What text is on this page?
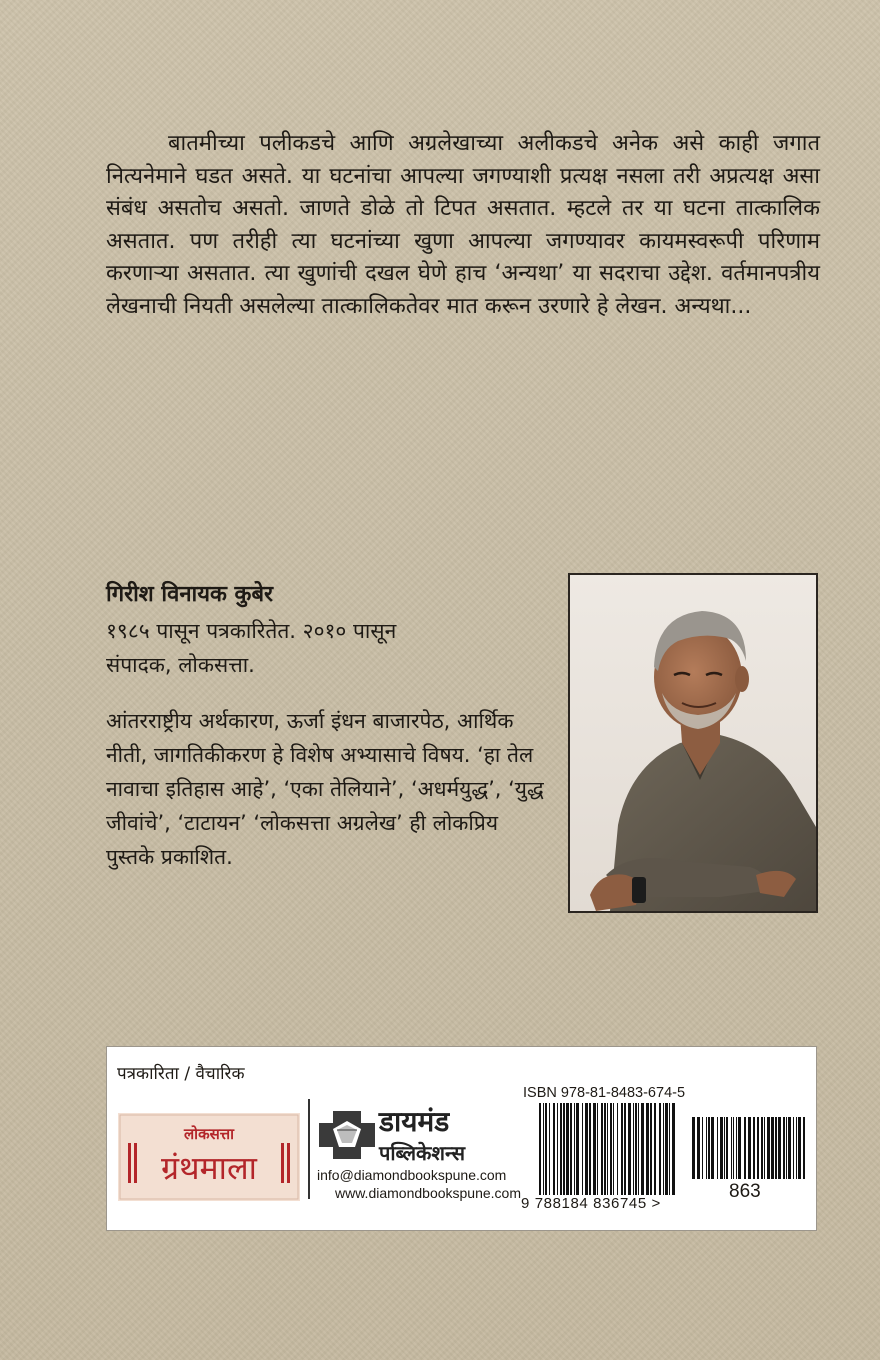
बातमीच्या पलीकडचे आणि अग्रलेखाच्या अलीकडचे अनेक असे काही जगात नित्यनेमाने घडत असते. या घटनांचा आपल्या जगण्याशी प्रत्यक्ष नसला तरी अप्रत्यक्ष असा संबंध असतोच असतो. जाणते डोळे तो टिपत असतात. म्हटले तर या घटना तात्कालिक असतात. पण तरीही त्या घटनांच्या खुणा आपल्या जगण्यावर कायमस्वरूपी परिणाम करणाऱ्या असतात. त्या खुणांची दखल घेणे हाच ‘अन्यथा’ या सदराचा उद्देश. वर्तमानपत्रीय लेखनाची नियती असलेल्या तात्कालिकतेवर मात करून उरणारे हे लेखन. अन्यथा...

गिरीश विनायक कुबेर
१९८५ पासून पत्रकारितेत. २०१० पासून
संपादक, लोकसत्ता.

आंतरराष्ट्रीय अर्थकारण, ऊर्जा इंधन बाजारपेठ, आर्थिक नीती, जागतिकीकरण हे विशेष अभ्यासाचे विषय. ‘हा तेल नावाचा इतिहास आहे’, ‘एका तेलियाने’, ‘अधर्मयुद्ध’, ‘युद्ध जीवांचे’, ‘टाटायन’ ‘लोकसत्ता अग्रलेख’ ही लोकप्रिय पुस्तके प्रकाशित.

पत्रकारिता / वैचारिक
लोकसत्ता
ग्रंथमाला
डायमंड
पब्लिकेशन्स
info@diamondbookspune.com
www.diamondbookspune.com
ISBN 978-81-8483-674-5
9 788184 836745 >
863
